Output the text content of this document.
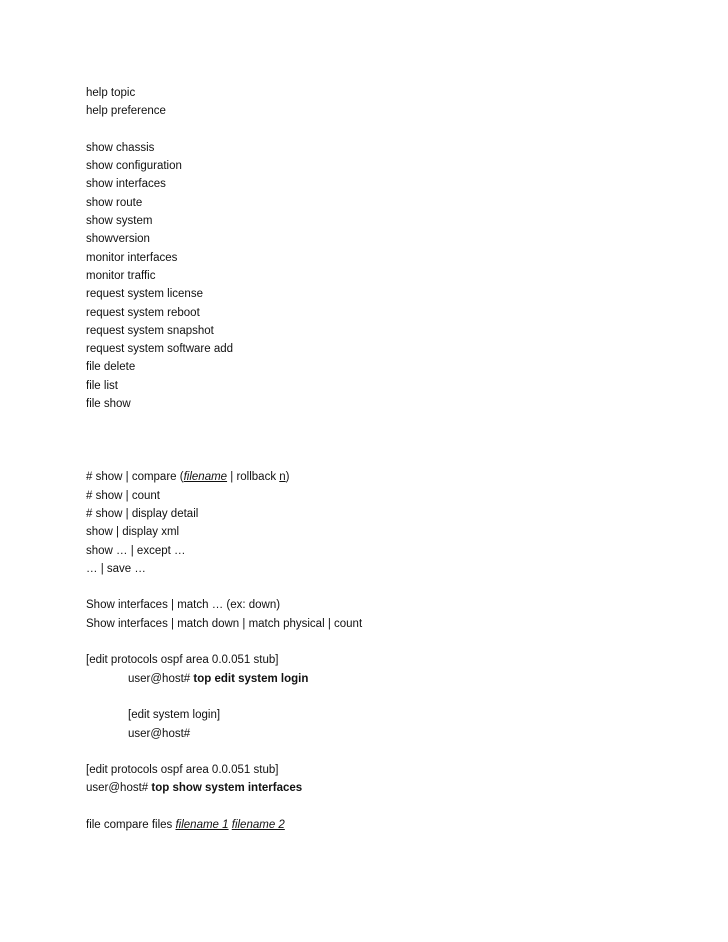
help topic
help preference
show chassis
show configuration
show interfaces
show route
show system
showversion
monitor interfaces
monitor traffic
request system license
request system reboot
request system snapshot
request system software add
file delete
file list
file show
# show | compare (filename | rollback n)
# show | count
# show | display detail
show | display xml
show … | except …
… | save …
Show interfaces | match … (ex: down)
Show interfaces | match down | match physical | count
[edit protocols ospf area 0.0.051 stub]
user@host# top edit system login
[edit system login]
user@host#
[edit protocols ospf area 0.0.051 stub]
user@host# top show system interfaces
file compare files filename 1 filename 2
